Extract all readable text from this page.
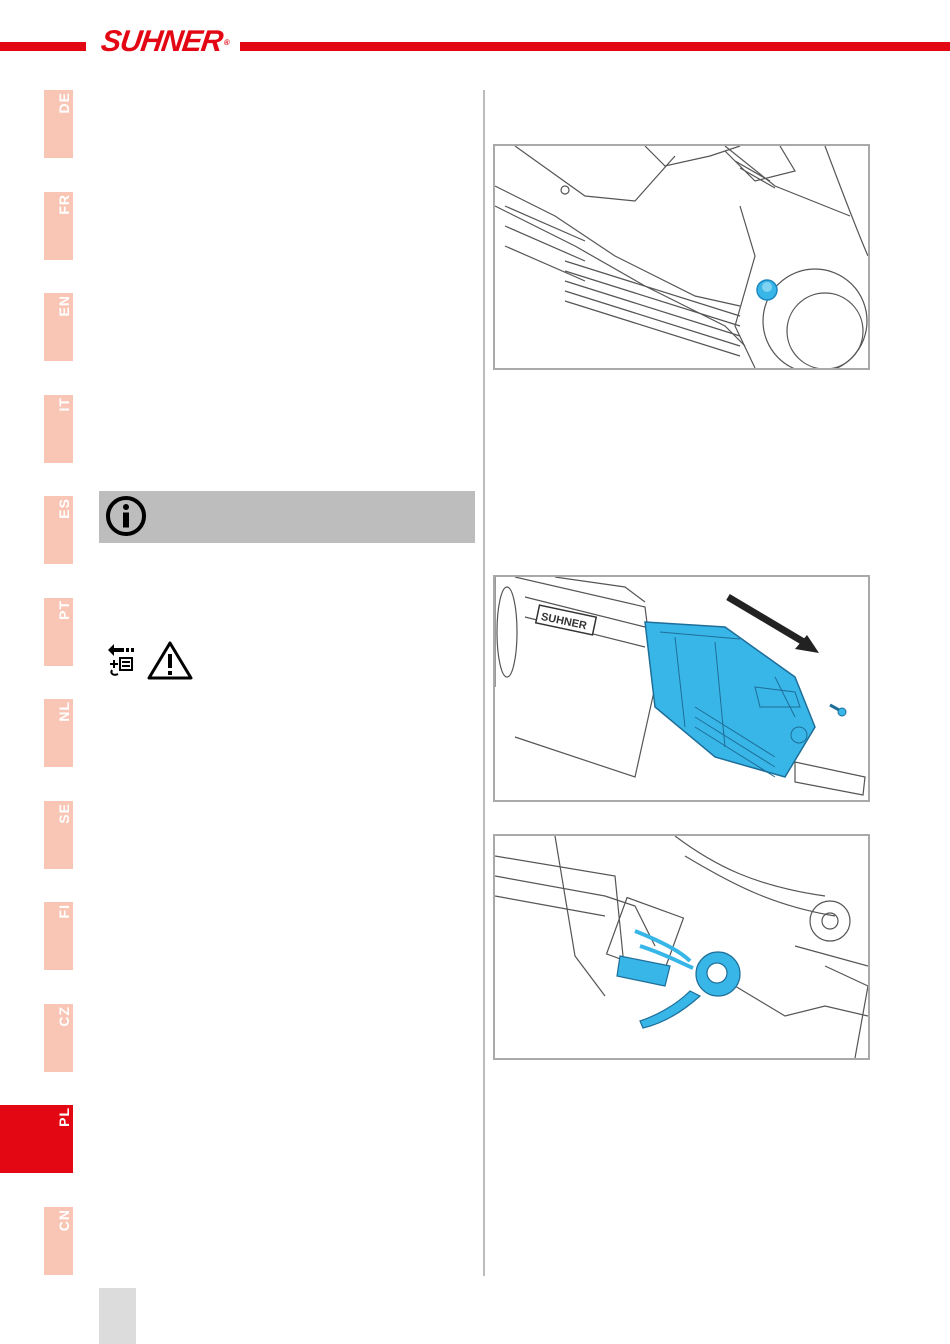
SUHNER
®
DE
FR
EN
IT
ES
PT
NL
SE
FI
CZ
PL
CN
SUHNER
